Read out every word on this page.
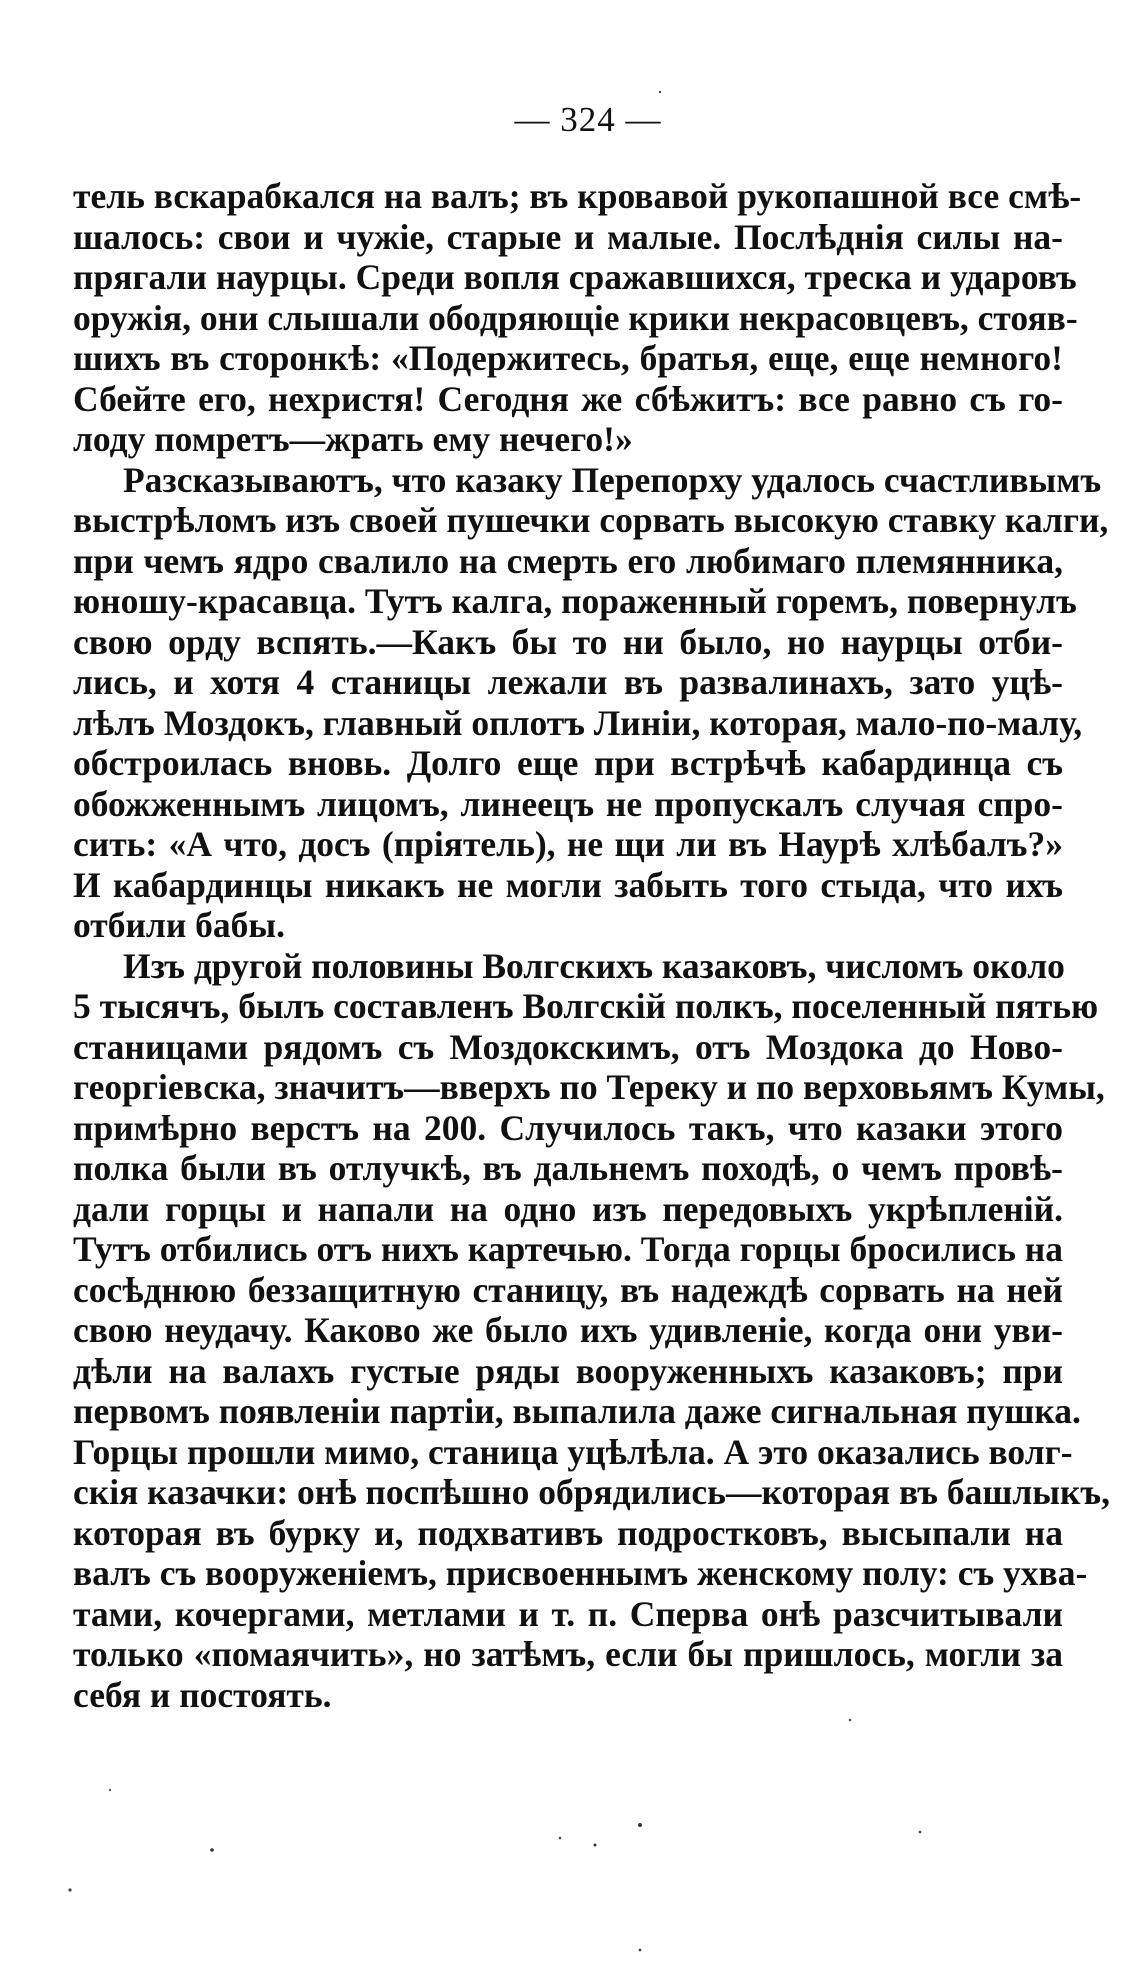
— 324 —
тель вскарабкался на валъ; въ кровавой рукопашной все смѣ-
шалось: свои и чужіе, старые и малые. Послѣднія силы на-
прягали наурцы. Среди вопля сражавшихся, треска и ударовъ
оружія, они слышали ободряющіе крики некрасовцевъ, стояв-
шихъ въ сторонкѣ: «Подержитесь, братья, еще, еще немного!
Сбейте его, нехристя! Сегодня же сбѣжитъ: все равно съ го-
лоду помретъ—жрать ему нечего!»
Разсказываютъ, что казаку Перепорху удалось счастливымъ
выстрѣломъ изъ своей пушечки сорвать высокую ставку калги,
при чемъ ядро свалило на смерть его любимаго племянника,
юношу-красавца. Тутъ калга, пораженный горемъ, повернулъ
свою орду вспять.—Какъ бы то ни было, но наурцы отби-
лись, и хотя 4 станицы лежали въ развалинахъ, зато уцѣ-
лѣлъ Моздокъ, главный оплотъ Линіи, которая, мало-по-малу,
обстроилась вновь. Долго еще при встрѣчѣ кабардинца съ
обожженнымъ лицомъ, линеецъ не пропускалъ случая спро-
сить: «А что, досъ (пріятель), не щи ли въ Наурѣ хлѣбалъ?»
И кабардинцы никакъ не могли забыть того стыда, что ихъ
отбили бабы.
Изъ другой половины Волгскихъ казаковъ, числомъ около
5 тысячъ, былъ составленъ Волгскій полкъ, поселенный пятью
станицами рядомъ съ Моздокскимъ, отъ Моздока до Ново-
георгіевска, значитъ—вверхъ по Тереку и по верховьямъ Кумы,
примѣрно верстъ на 200. Случилось такъ, что казаки этого
полка были въ отлучкѣ, въ дальнемъ походѣ, о чемъ провѣ-
дали горцы и напали на одно изъ передовыхъ укрѣпленій.
Тутъ отбились отъ нихъ картечью. Тогда горцы бросились на
сосѣднюю беззащитную станицу, въ надеждѣ сорвать на ней
свою неудачу. Каково же было ихъ удивленіе, когда они уви-
дѣли на валахъ густые ряды вооруженныхъ казаковъ; при
первомъ появленіи партіи, выпалила даже сигнальная пушка.
Горцы прошли мимо, станица уцѣлѣла. А это оказались волг-
скія казачки: онѣ поспѣшно обрядились—которая въ башлыкъ,
которая въ бурку и, подхвативъ подростковъ, высыпали на
валъ съ вооруженіемъ, присвоеннымъ женскому полу: съ ухва-
тами, кочергами, метлами и т. п. Сперва онѣ разсчитывали
только «помаячить», но затѣмъ, если бы пришлось, могли за
себя и постоять.
